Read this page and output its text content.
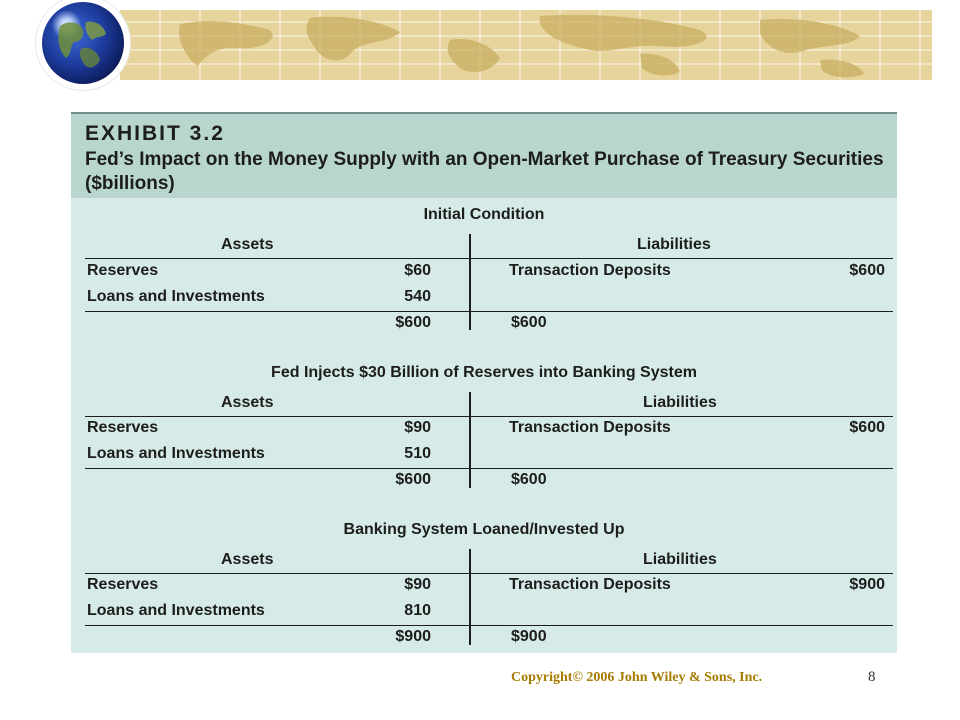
EXHIBIT 3.2
Fed’s Impact on the Money Supply with an Open-Market Purchase of Treasury Securities ($billions)
Initial Condition
Assets	Liabilities
Reserves	$60	Transaction Deposits	$600
Loans and Investments	540
$600	$600
Fed Injects $30 Billion of Reserves into Banking System
Assets	Liabilities
Reserves	$90	Transaction Deposits	$600
Loans and Investments	510
$600	$600
Banking System Loaned/Invested Up
Assets	Liabilities
Reserves	$90	Transaction Deposits	$900
Loans and Investments	810
$900	$900
Copyright© 2006 John Wiley & Sons, Inc.	8
